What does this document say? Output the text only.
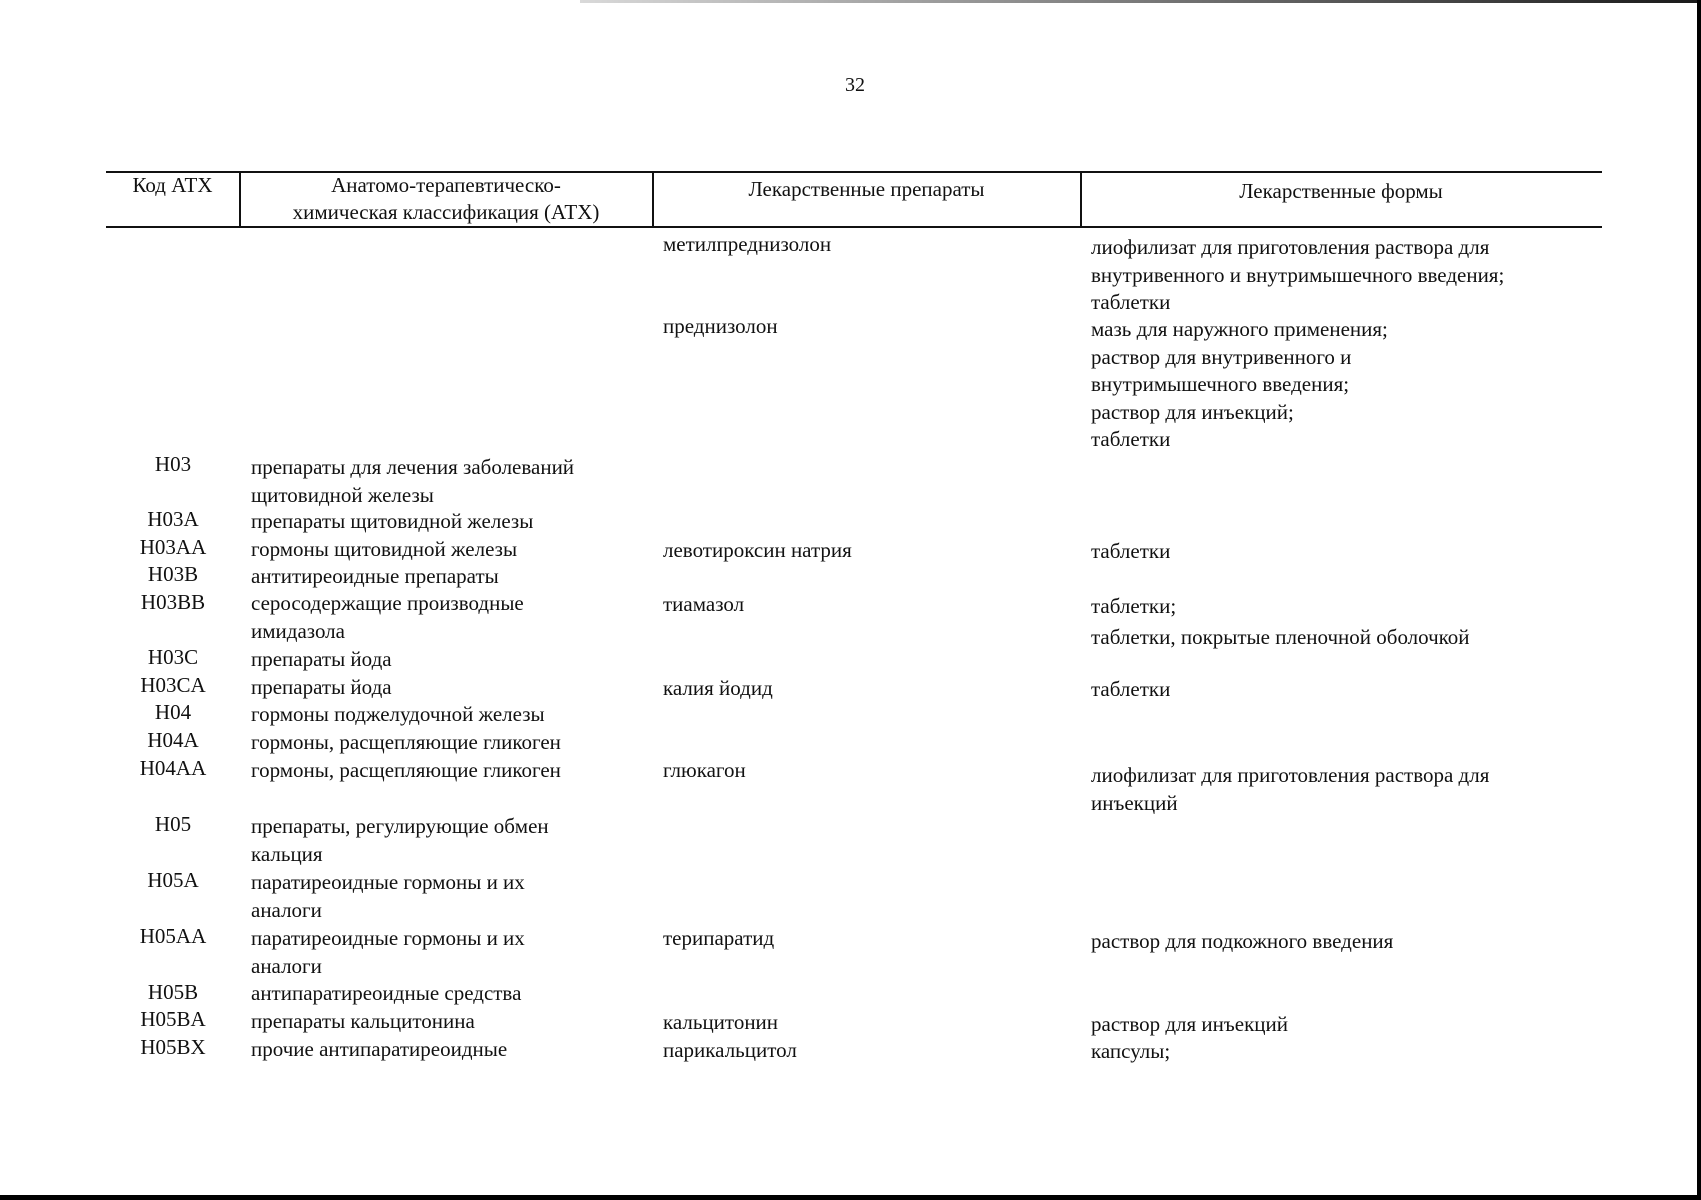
32
Код АТХ	Анатомо-терапевтическо-
химическая классификация (АТХ)
Лекарственные препараты	Лекарственные формы
метилпреднизолон	лиофилизат для приготовления раствора для
внутривенного и внутримышечного введения;
таблетки
преднизолон	мазь для наружного применения;
раствор для внутривенного и
внутримышечного введения;
раствор для инъекций;
таблетки
H03	препараты для лечения заболеваний
щитовидной железы
H03A	препараты щитовидной железы
H03AA	гормоны щитовидной железы	левотироксин натрия	таблетки
H03B	антитиреоидные препараты
H03BB	серосодержащие производные
имидазола
тиамазол	таблетки;
таблетки, покрытые пленочной оболочкой
H03C	препараты йода
H03CA	препараты йода	калия йодид	таблетки
H04	гормоны поджелудочной железы
H04A	гормоны, расщепляющие гликоген
H04AA	гормоны, расщепляющие гликоген	глюкагон	лиофилизат для приготовления раствора для
инъекций
H05	препараты, регулирующие обмен
кальция
H05A	паратиреоидные гормоны и их
аналоги
H05AA	паратиреоидные гормоны и их
аналоги
терипаратид	раствор для подкожного введения
H05B	антипаратиреоидные средства
H05BA	препараты кальцитонина	кальцитонин	раствор для инъекций
H05BX	прочие антипаратиреоидные	парикальцитол	капсулы;
